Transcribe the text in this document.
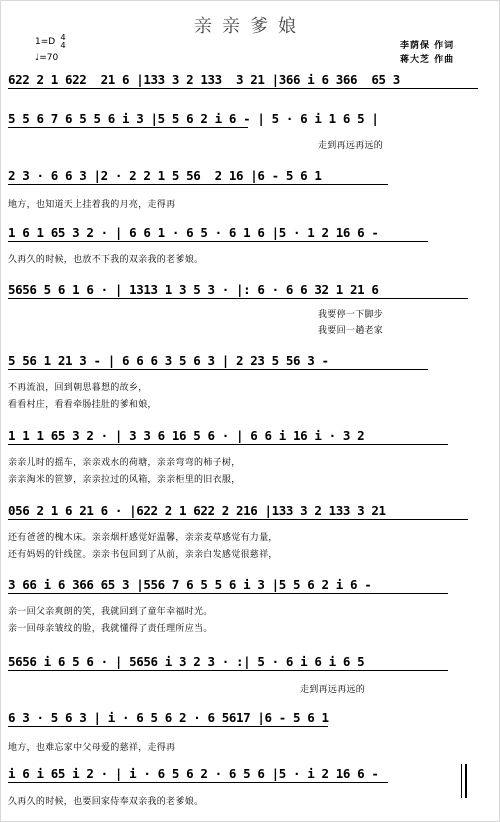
亲亲爹娘
1=D 4
4
♩=70
李荫保 作词
蒋大芝 作曲
622 2 1 622  21 6 |133 3 2 133  3 21 |366 i 6 366  65 3
5 5 6 7 6 5 5 6 i 3 |5 5 6 2 i 6 - | 5 · 6 i 1 6 5 |
走到再远再远的
2 3 · 6 6 3 |2 · 2 2 1 5 56  2 16 |6 - 5 6 1
地方，也知道天上挂着我的月亮，走得再
1 6 1 65 3 2 · | 6 6 1 · 6 5 · 6 1 6 |5 · 1 2 16 6 -
久再久的时候，也放不下我的双亲我的老爹娘。
5656 5 6 1 6 · | 1313 1 3 5 3 · |: 6 · 6 6 32 1 21 6
我要停一下脚步
我要回一趟老家
5 56 1 21 3 - | 6 6 6 3 5 6 3 | 2 23 5 56 3 -
不再流浪，回到朝思暮想的故乡，
看看村庄，看看牵肠挂肚的爹和娘，
1 1 1 65 3 2 · | 3 3 6 16 5 6 · | 6 6 i 16 i · 3 2
亲亲儿时的摇车，亲亲戏水的荷塘，亲亲弯弯的柿子树，
亲亲淘米的笸箩，亲亲拉过的风箱，亲亲柜里的旧衣服，
056 2 1 6 21 6 · |622 2 1 622 2 216 |133 3 2 133 3 21
还有爸爸的槐木床。亲亲烟杆感觉好温馨，亲亲麦草感觉有力量，
还有妈妈的针线筐。亲亲书包回到了从前，亲亲白发感觉很慈祥，
3 66 i 6 366 65 3 |556 7 6 5 5 6 i 3 |5 5 6 2 i 6 -
亲一回父亲爽朗的笑，我就回到了童年幸福时光。
亲一回母亲皱纹的脸，我就懂得了责任理所应当。
5656 i 6 5 6 · | 5656 i 3 2 3 · :| 5 · 6 i 6 i 6 5
走到再远再远的
6 3 · 5 6 3 | i · 6 5 6 2 · 6 5617 |6 - 5 6 1
地方，也难忘家中父母爱的慈祥，走得再
i 6 i 65 i 2 · | i · 6 5 6 2 · 6 5 6 |5 · i 2 16 6 -
久再久的时候，也要回家侍奉双亲我的老爹娘。
